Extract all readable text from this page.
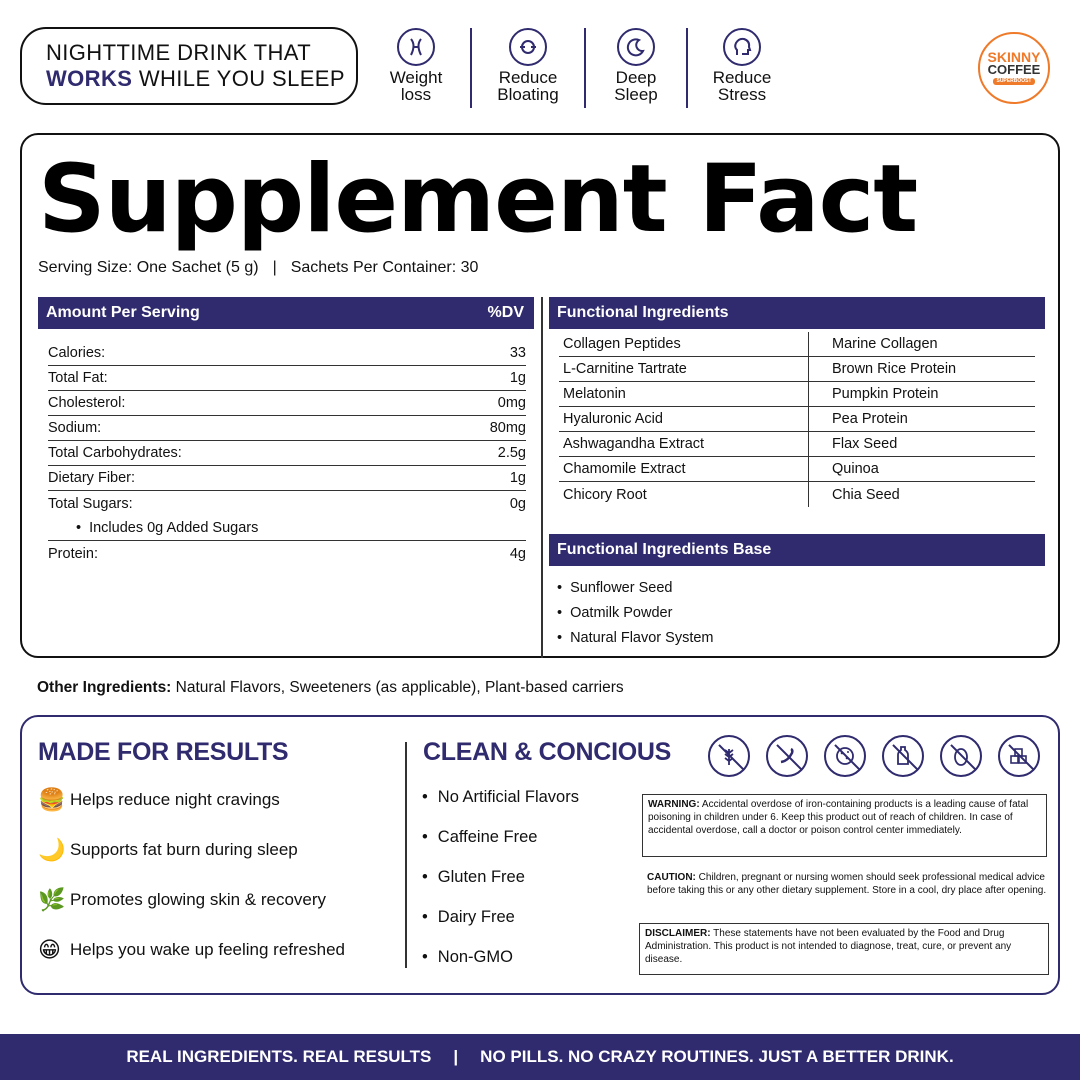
NIGHTTIME DRINK THAT
WORKS WHILE YOU SLEEP	Weight
loss
Reduce
Bloating
Deep
Sleep
Reduce
Stress
SKINNY
COFFEE
SUPERBOOST
Supplement Fact
Serving Size: One Sachet (5 g) | Sachets Per Container: 30
Amount Per Serving	%DV
Calories:	33
Total Fat:	1g
Cholesterol:	0mg
Sodium:	80mg
Total Carbohydrates:	2.5g
Dietary Fiber:	1g
Total Sugars:	0g
• Includes 0g Added Sugars
Protein:	4g
Functional Ingredients
Collagen Peptides	Marine Collagen
L-Carnitine Tartrate	Brown Rice Protein
Melatonin	Pumpkin Protein
Hyaluronic Acid	Pea Protein
Ashwagandha Extract	Flax Seed
Chamomile Extract	Quinoa
Chicory Root	Chia Seed
Functional Ingredients Base
• Sunflower Seed
• Oatmilk Powder
• Natural Flavor System
Other Ingredients: Natural Flavors, Sweeteners (as applicable), Plant-based carriers
MADE FOR RESULTS
🍔 Helps reduce night cravings
🌙 Supports fat burn during sleep
🌿 Promotes glowing skin & recovery
😁 Helps you wake up feeling refreshed
CLEAN & CONCIOUS
• No Artificial Flavors
• Caffeine Free
• Gluten Free
• Dairy Free
• Non-GMO
WARNING: Accidental overdose of iron-containing products is a leading cause of fatal poisoning in children under 6. Keep this product out of reach of children. In case of accidental overdose, call a doctor or poison control center immediately.
CAUTION: Children, pregnant or nursing women should seek professional medical advice before taking this or any other dietary supplement. Store in a cool, dry place after opening.
DISCLAIMER: These statements have not been evaluated by the Food and Drug Administration. This product is not intended to diagnose, treat, cure, or prevent any disease.
REAL INGREDIENTS. REAL RESULTS | NO PILLS. NO CRAZY ROUTINES. JUST A BETTER DRINK.
